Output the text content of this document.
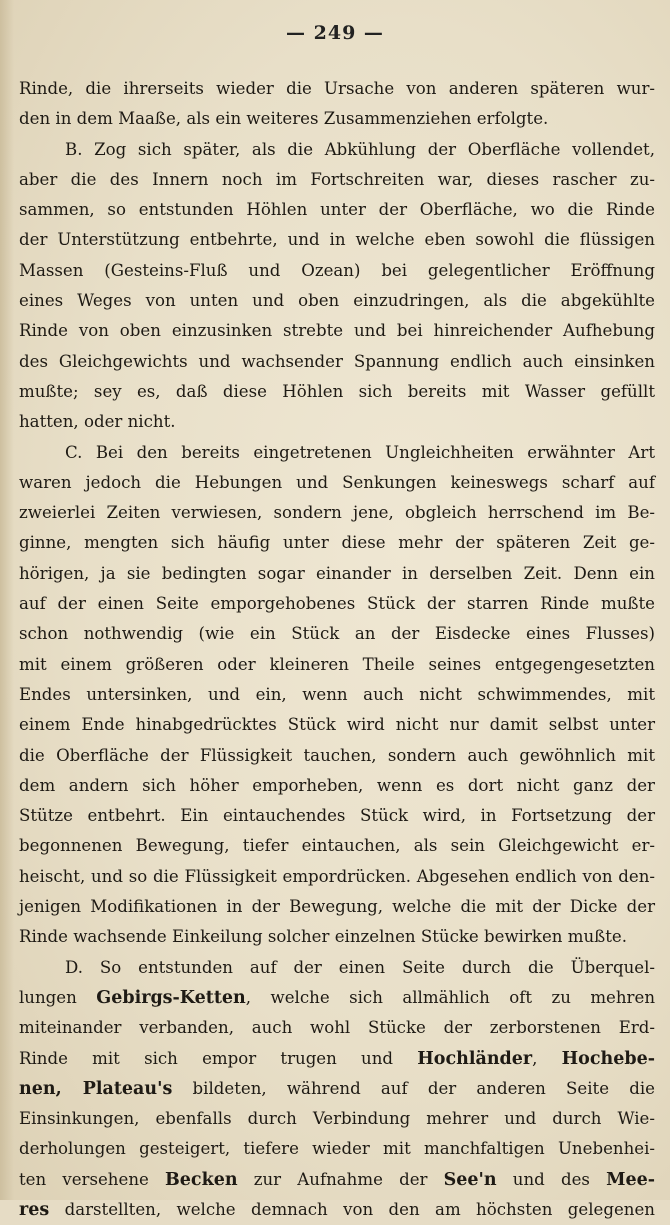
— 249 —
Rinde, die ihrerseits wieder die Ursache von anderen späteren wur-
den in dem Maaße, als ein weiteres Zusammenziehen erfolgte.
B. Zog sich später, als die Abkühlung der Oberfläche vollendet,
aber die des Innern noch im Fortschreiten war, dieses rascher zu-
sammen, so entstunden Höhlen unter der Oberfläche, wo die Rinde
der Unterstützung entbehrte, und in welche eben sowohl die flüssigen
Massen (Gesteins-Fluß und Ozean) bei gelegentlicher Eröffnung
eines Weges von unten und oben einzudringen, als die abgekühlte
Rinde von oben einzusinken strebte und bei hinreichender Aufhebung
des Gleichgewichts und wachsender Spannung endlich auch einsinken
mußte; sey es, daß diese Höhlen sich bereits mit Wasser gefüllt
hatten, oder nicht.
C. Bei den bereits eingetretenen Ungleichheiten erwähnter Art
waren jedoch die Hebungen und Senkungen keineswegs scharf auf
zweierlei Zeiten verwiesen, sondern jene, obgleich herrschend im Be-
ginne, mengten sich häufig unter diese mehr der späteren Zeit ge-
hörigen, ja sie bedingten sogar einander in derselben Zeit. Denn ein
auf der einen Seite emporgehobenes Stück der starren Rinde mußte
schon nothwendig (wie ein Stück an der Eisdecke eines Flusses)
mit einem größeren oder kleineren Theile seines entgegengesetzten
Endes untersinken, und ein, wenn auch nicht schwimmendes, mit
einem Ende hinabgedrücktes Stück wird nicht nur damit selbst unter
die Oberfläche der Flüssigkeit tauchen, sondern auch gewöhnlich mit
dem andern sich höher emporheben, wenn es dort nicht ganz der
Stütze entbehrt. Ein eintauchendes Stück wird, in Fortsetzung der
begonnenen Bewegung, tiefer eintauchen, als sein Gleichgewicht er-
heischt, und so die Flüssigkeit empordrücken. Abgesehen endlich von den-
jenigen Modifikationen in der Bewegung, welche die mit der Dicke der
Rinde wachsende Einkeilung solcher einzelnen Stücke bewirken mußte.
D. So entstunden auf der einen Seite durch die Überquel-
lungen Gebirgs-Ketten, welche sich allmählich oft zu mehren
miteinander verbanden, auch wohl Stücke der zerborstenen Erd-
Rinde mit sich empor trugen und Hochländer, Hochebe-
nen, Plateau's bildeten, während auf der anderen Seite die
Einsinkungen, ebenfalls durch Verbindung mehrer und durch Wie-
derholungen gesteigert, tiefere wieder mit manchfaltigen Unebenhei-
ten versehene Becken zur Aufnahme der See'n und des Mee-
res darstellten, welche demnach von den am höchsten gelegenen
